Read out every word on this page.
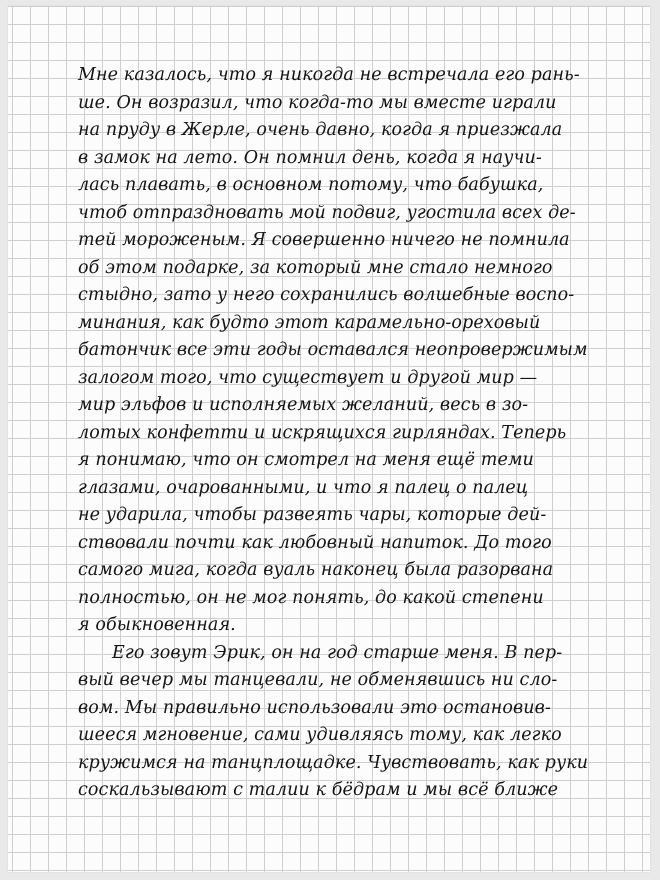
Мне казалось, что я никогда не встречала его рань-
ше. Он возразил, что когда-то мы вместе играли
на пруду в Жерле, очень давно, когда я приезжала
в замок на лето. Он помнил день, когда я научи-
лась плавать, в основном потому, что бабушка,
чтоб отпраздновать мой подвиг, угостила всех де-
тей мороженым. Я совершенно ничего не помнила
об этом подарке, за который мне стало немного
стыдно, зато у него сохранились волшебные воспо-
минания, как будто этот карамельно-ореховый
батончик все эти годы оставался неопровержимым
залогом того, что существует и другой мир —
мир эльфов и исполняемых желаний, весь в зо-
лотых конфетти и искрящихся гирляндах. Теперь
я понимаю, что он смотрел на меня ещё теми
глазами, очарованными, и что я палец о палец
не ударила, чтобы развеять чары, которые дей-
ствовали почти как любовный напиток. До того
самого мига, когда вуаль наконец была разорвана
полностью, он не мог понять, до какой степени
я обыкновенная.
Его зовут Эрик, он на год старше меня. В пер-
вый вечер мы танцевали, не обменявшись ни сло-
вом. Мы правильно использовали это остановив-
шееся мгновение, сами удивляясь тому, как легко
кружимся на танцплощадке. Чувствовать, как руки
соскальзывают с талии к бёдрам и мы всё ближе
